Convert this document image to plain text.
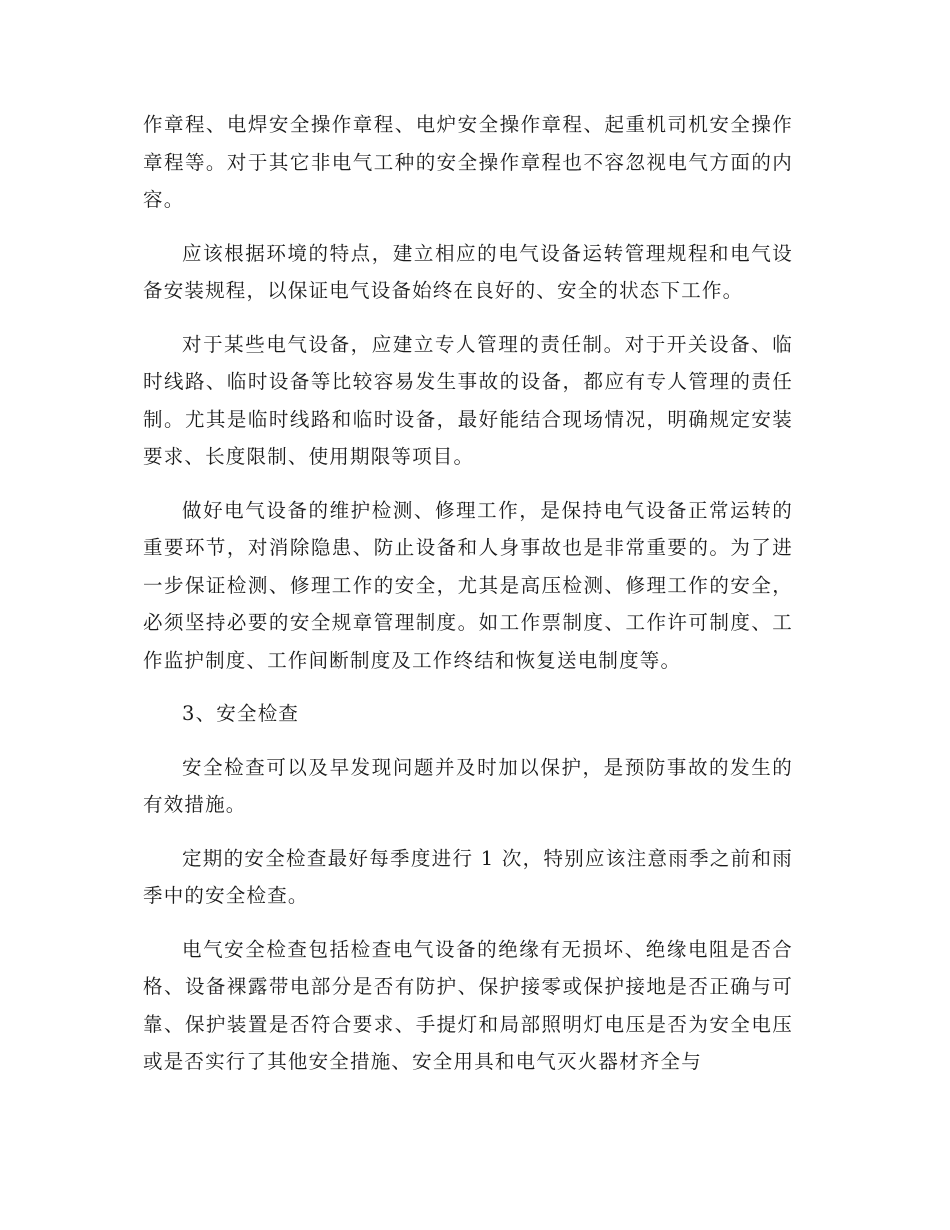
作章程、电焊安全操作章程、电炉安全操作章程、起重机司机安全操作章程等。对于其它非电气工种的安全操作章程也不容忽视电气方面的内容。

应该根据环境的特点，建立相应的电气设备运转管理规程和电气设备安装规程，以保证电气设备始终在良好的、安全的状态下工作。

对于某些电气设备，应建立专人管理的责任制。对于开关设备、临时线路、临时设备等比较容易发生事故的设备，都应有专人管理的责任制。尤其是临时线路和临时设备，最好能结合现场情况，明确规定安装要求、长度限制、使用期限等项目。

做好电气设备的维护检测、修理工作，是保持电气设备正常运转的重要环节，对消除隐患、防止设备和人身事故也是非常重要的。为了进一步保证检测、修理工作的安全，尤其是高压检测、修理工作的安全，必须坚持必要的安全规章管理制度。如工作票制度、工作许可制度、工作监护制度、工作间断制度及工作终结和恢复送电制度等。

3、安全检查

安全检查可以及早发现问题并及时加以保护，是预防事故的发生的有效措施。

定期的安全检查最好每季度进行 1 次，特别应该注意雨季之前和雨季中的安全检查。

电气安全检查包括检查电气设备的绝缘有无损坏、绝缘电阻是否合格、设备裸露带电部分是否有防护、保护接零或保护接地是否正确与可靠、保护装置是否符合要求、手提灯和局部照明灯电压是否为安全电压或是否实行了其他安全措施、安全用具和电气灭火器材齐全与
